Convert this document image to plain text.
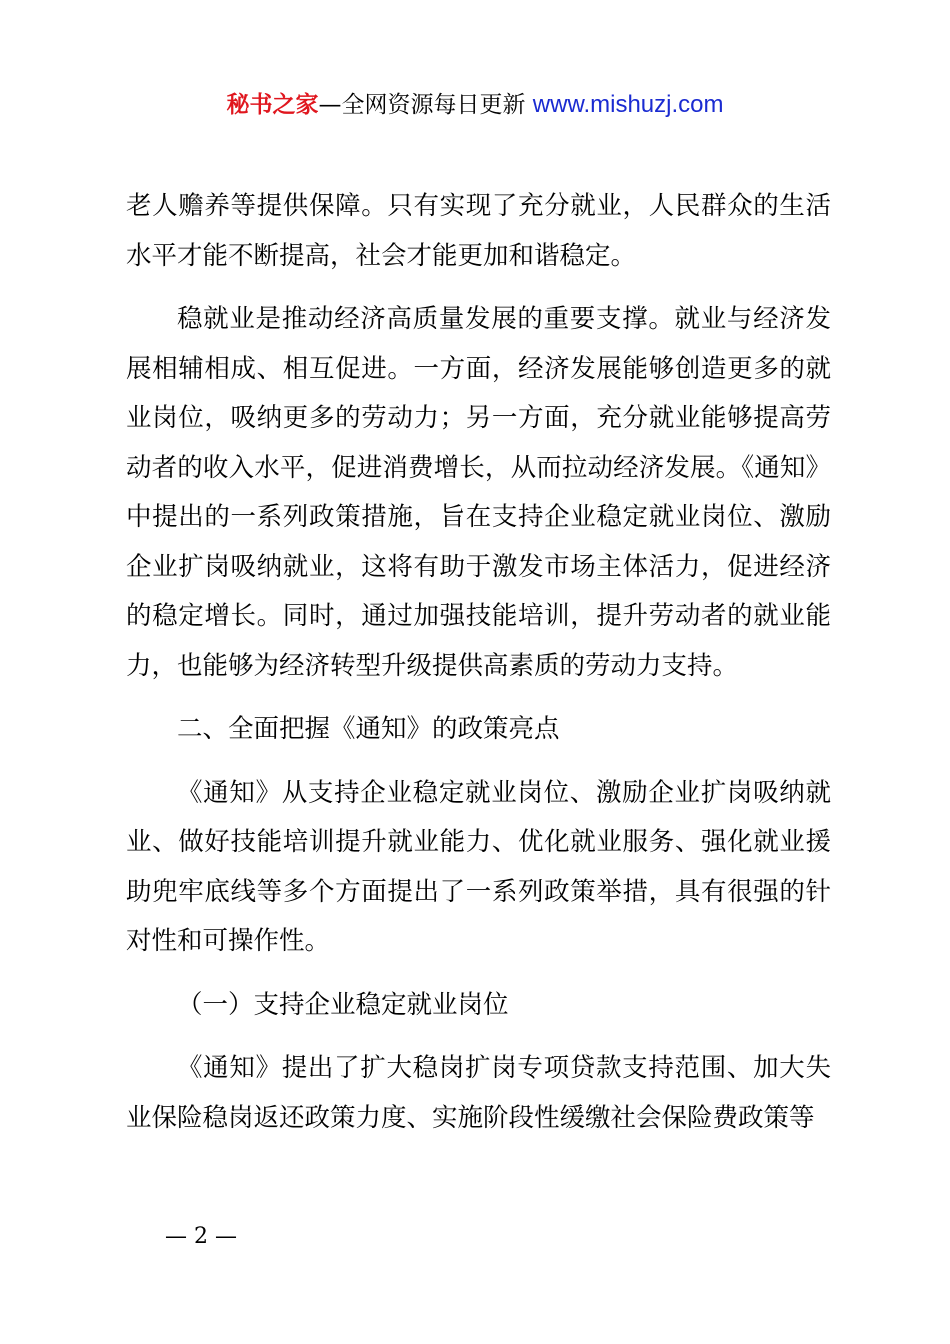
秘书之家—全网资源每日更新 www.mishuzj.com

老人赡养等提供保障。只有实现了充分就业，人民群众的生活水平才能不断提高，社会才能更加和谐稳定。

稳就业是推动经济高质量发展的重要支撑。就业与经济发展相辅相成、相互促进。一方面，经济发展能够创造更多的就业岗位，吸纳更多的劳动力；另一方面，充分就业能够提高劳动者的收入水平，促进消费增长，从而拉动经济发展。《通知》中提出的一系列政策措施，旨在支持企业稳定就业岗位、激励企业扩岗吸纳就业，这将有助于激发市场主体活力，促进经济的稳定增长。同时，通过加强技能培训，提升劳动者的就业能力，也能够为经济转型升级提供高素质的劳动力支持。

二、全面把握《通知》的政策亮点

《通知》从支持企业稳定就业岗位、激励企业扩岗吸纳就业、做好技能培训提升就业能力、优化就业服务、强化就业援助兜牢底线等多个方面提出了一系列政策举措，具有很强的针对性和可操作性。

（一）支持企业稳定就业岗位

《通知》提出了扩大稳岗扩岗专项贷款支持范围、加大失业保险稳岗返还政策力度、实施阶段性缓缴社会保险费政策等

— 2 —
